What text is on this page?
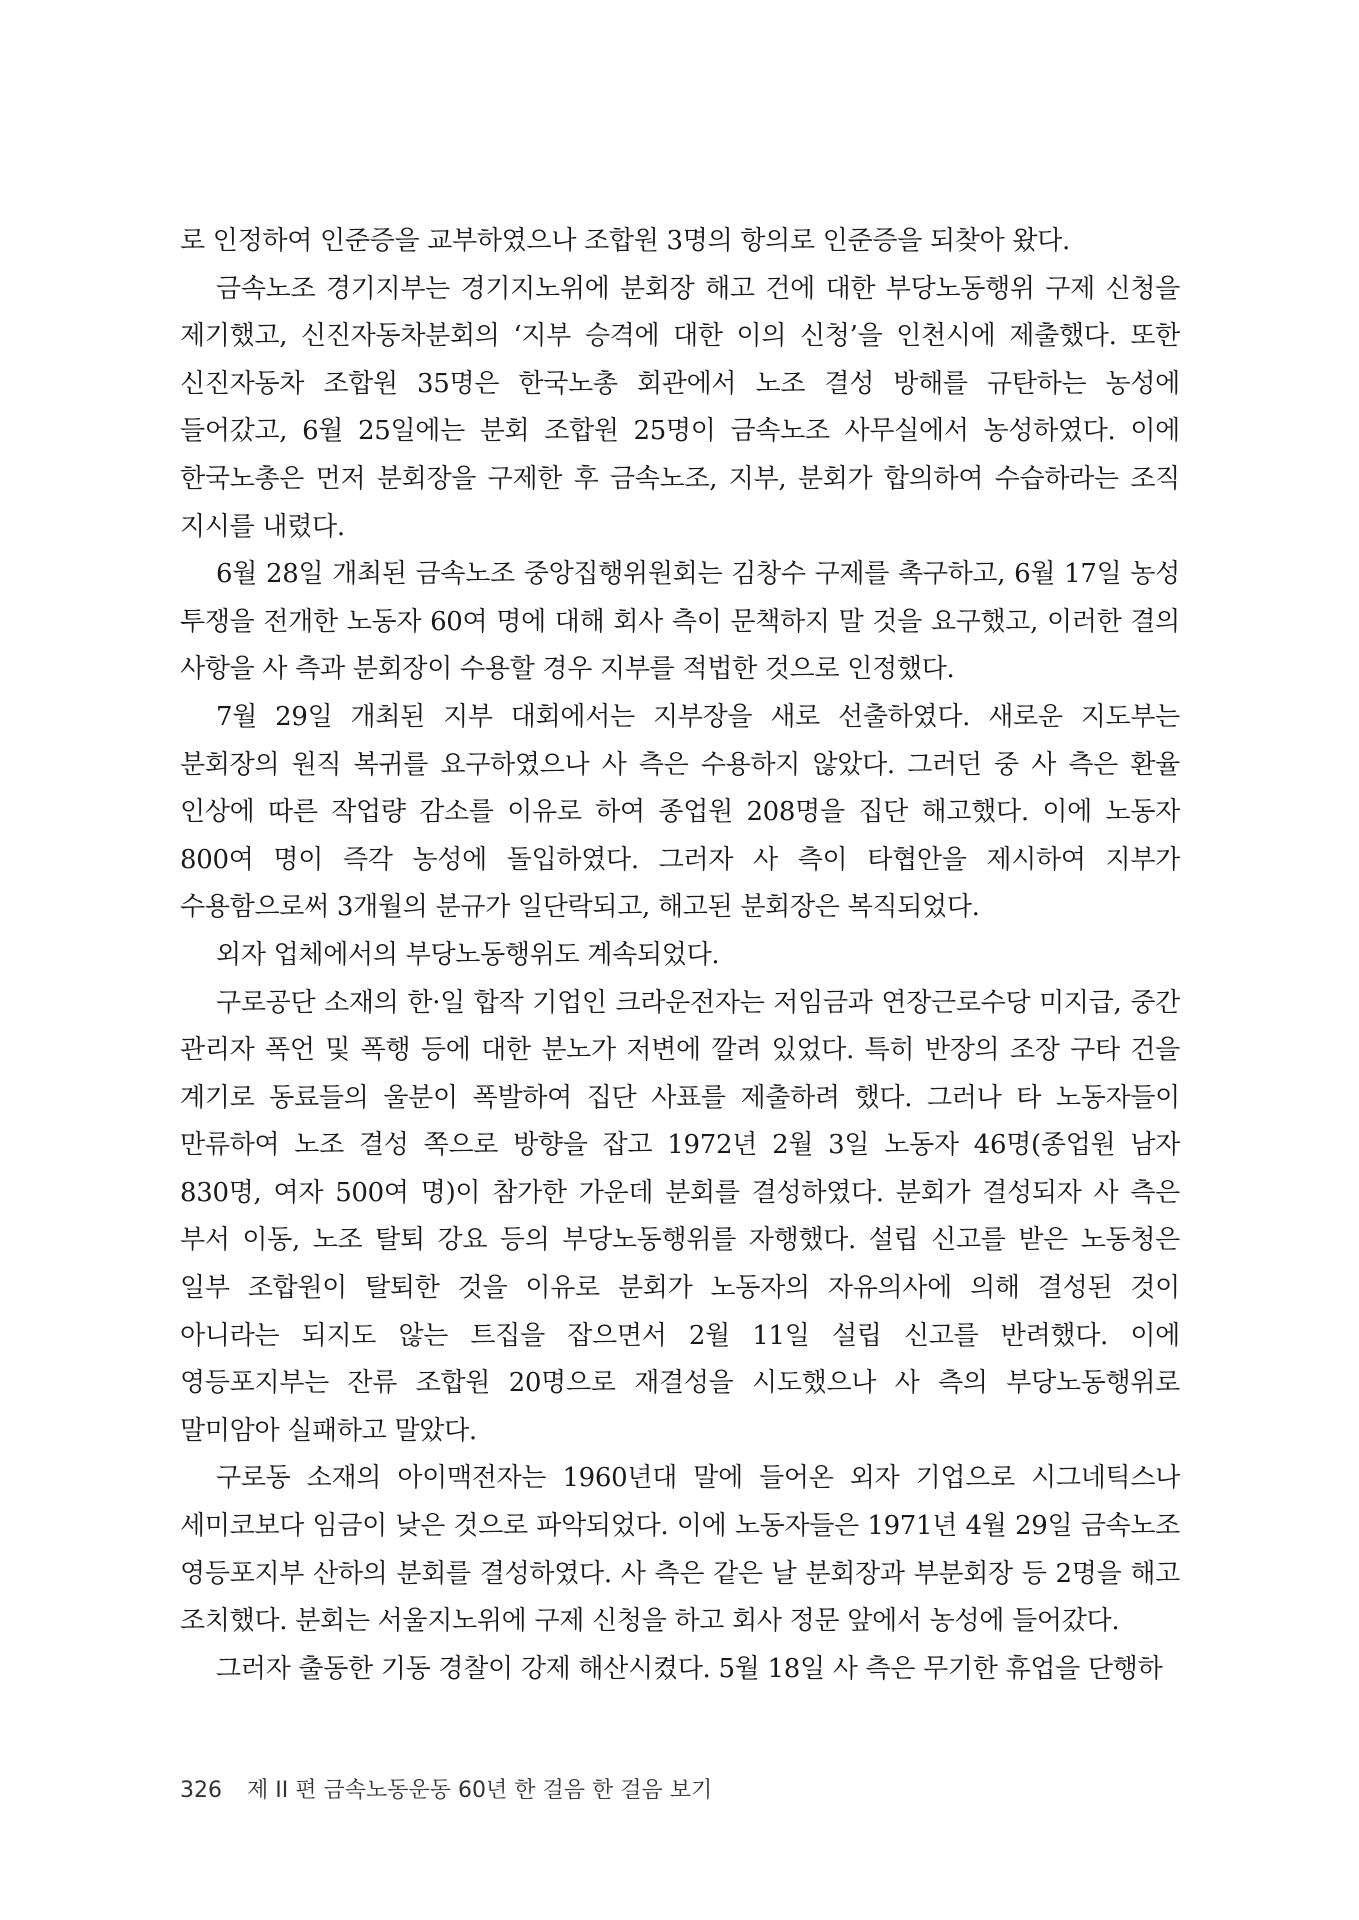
로 인정하여 인준증을 교부하였으나 조합원 3명의 항의로 인준증을 되찾아 왔다.

금속노조 경기지부는 경기지노위에 분회장 해고 건에 대한 부당노동행위 구제 신청을 제기했고, 신진자동차분회의 ‘지부 승격에 대한 이의 신청’을 인천시에 제출했다. 또한 신진자동차 조합원 35명은 한국노총 회관에서 노조 결성 방해를 규탄하는 농성에 들어갔고, 6월 25일에는 분회 조합원 25명이 금속노조 사무실에서 농성하였다. 이에 한국노총은 먼저 분회장을 구제한 후 금속노조, 지부, 분회가 합의하여 수습하라는 조직 지시를 내렸다.

6월 28일 개최된 금속노조 중앙집행위원회는 김창수 구제를 촉구하고, 6월 17일 농성 투쟁을 전개한 노동자 60여 명에 대해 회사 측이 문책하지 말 것을 요구했고, 이러한 결의 사항을 사 측과 분회장이 수용할 경우 지부를 적법한 것으로 인정했다.

7월 29일 개최된 지부 대회에서는 지부장을 새로 선출하였다. 새로운 지도부는 분회장의 원직 복귀를 요구하였으나 사 측은 수용하지 않았다. 그러던 중 사 측은 환율 인상에 따른 작업량 감소를 이유로 하여 종업원 208명을 집단 해고했다. 이에 노동자 800여 명이 즉각 농성에 돌입하였다. 그러자 사 측이 타협안을 제시하여 지부가 수용함으로써 3개월의 분규가 일단락되고, 해고된 분회장은 복직되었다.

외자 업체에서의 부당노동행위도 계속되었다.

구로공단 소재의 한·일 합작 기업인 크라운전자는 저임금과 연장근로수당 미지급, 중간 관리자 폭언 및 폭행 등에 대한 분노가 저변에 깔려 있었다. 특히 반장의 조장 구타 건을 계기로 동료들의 울분이 폭발하여 집단 사표를 제출하려 했다. 그러나 타 노동자들이 만류하여 노조 결성 쪽으로 방향을 잡고 1972년 2월 3일 노동자 46명(종업원 남자 830명, 여자 500여 명)이 참가한 가운데 분회를 결성하였다. 분회가 결성되자 사 측은 부서 이동, 노조 탈퇴 강요 등의 부당노동행위를 자행했다. 설립 신고를 받은 노동청은 일부 조합원이 탈퇴한 것을 이유로 분회가 노동자의 자유의사에 의해 결성된 것이 아니라는 되지도 않는 트집을 잡으면서 2월 11일 설립 신고를 반려했다. 이에 영등포지부는 잔류 조합원 20명으로 재결성을 시도했으나 사 측의 부당노동행위로 말미암아 실패하고 말았다.

구로동 소재의 아이맥전자는 1960년대 말에 들어온 외자 기업으로 시그네틱스나 세미코보다 임금이 낮은 것으로 파악되었다. 이에 노동자들은 1971년 4월 29일 금속노조 영등포지부 산하의 분회를 결성하였다. 사 측은 같은 날 분회장과 부분회장 등 2명을 해고 조치했다. 분회는 서울지노위에 구제 신청을 하고 회사 정문 앞에서 농성에 들어갔다.

그러자 출동한 기동 경찰이 강제 해산시켰다. 5월 18일 사 측은 무기한 휴업을 단행하

326 제 II 편 금속노동운동 60년 한 걸음 한 걸음 보기
